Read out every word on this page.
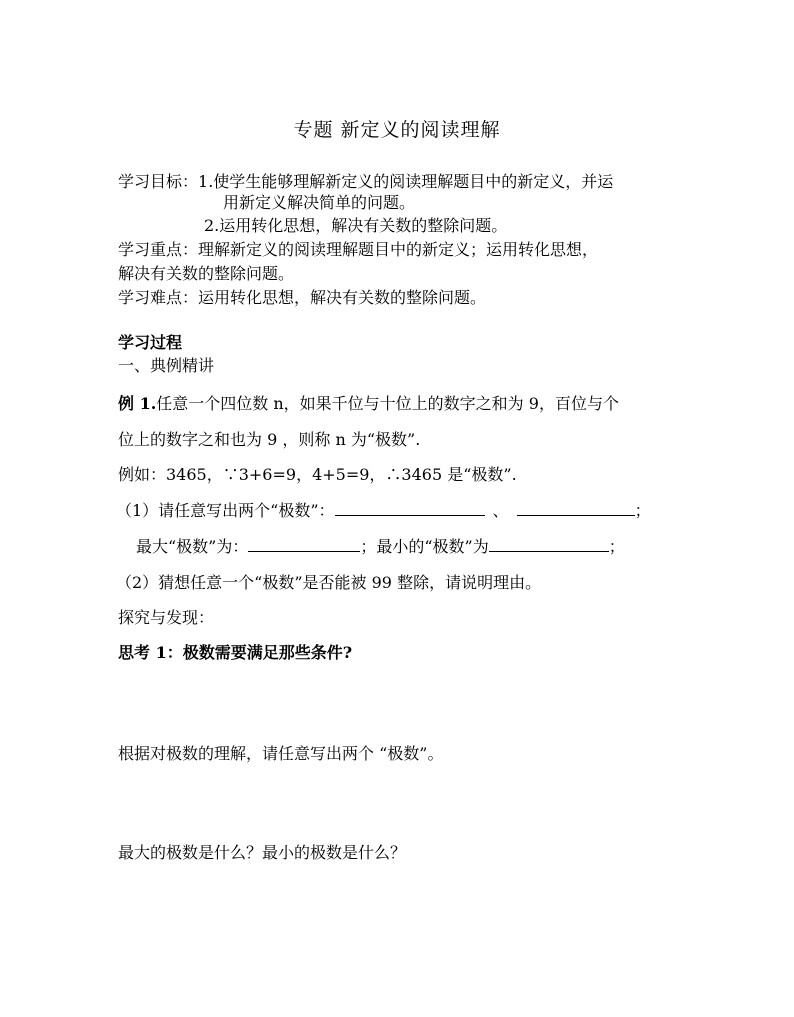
专题 新定义的阅读理解
学习目标：1.使学生能够理解新定义的阅读理解题目中的新定义，并运
用新定义解决简单的问题。
2.运用转化思想，解决有关数的整除问题。
学习重点：理解新定义的阅读理解题目中的新定义；运用转化思想，
解决有关数的整除问题。
学习难点：运用转化思想，解决有关数的整除问题。
学习过程
一、典例精讲
例 1.任意一个四位数 n，如果千位与十位上的数字之和为 9，百位与个
位上的数字之和也为 9 ，则称 n 为“极数”.
例如：3465，∵3+6=9，4+5=9，∴3465 是“极数”.
（1）请任意写出两个“极数”：	、	；
最大“极数”为：	；最小的“极数”为	；
（2）猜想任意一个“极数”是否能被 99 整除，请说明理由。
探究与发现：
思考 1：极数需要满足那些条件?
根据对极数的理解，请任意写出两个 “极数”。
最大的极数是什么？最小的极数是什么？
